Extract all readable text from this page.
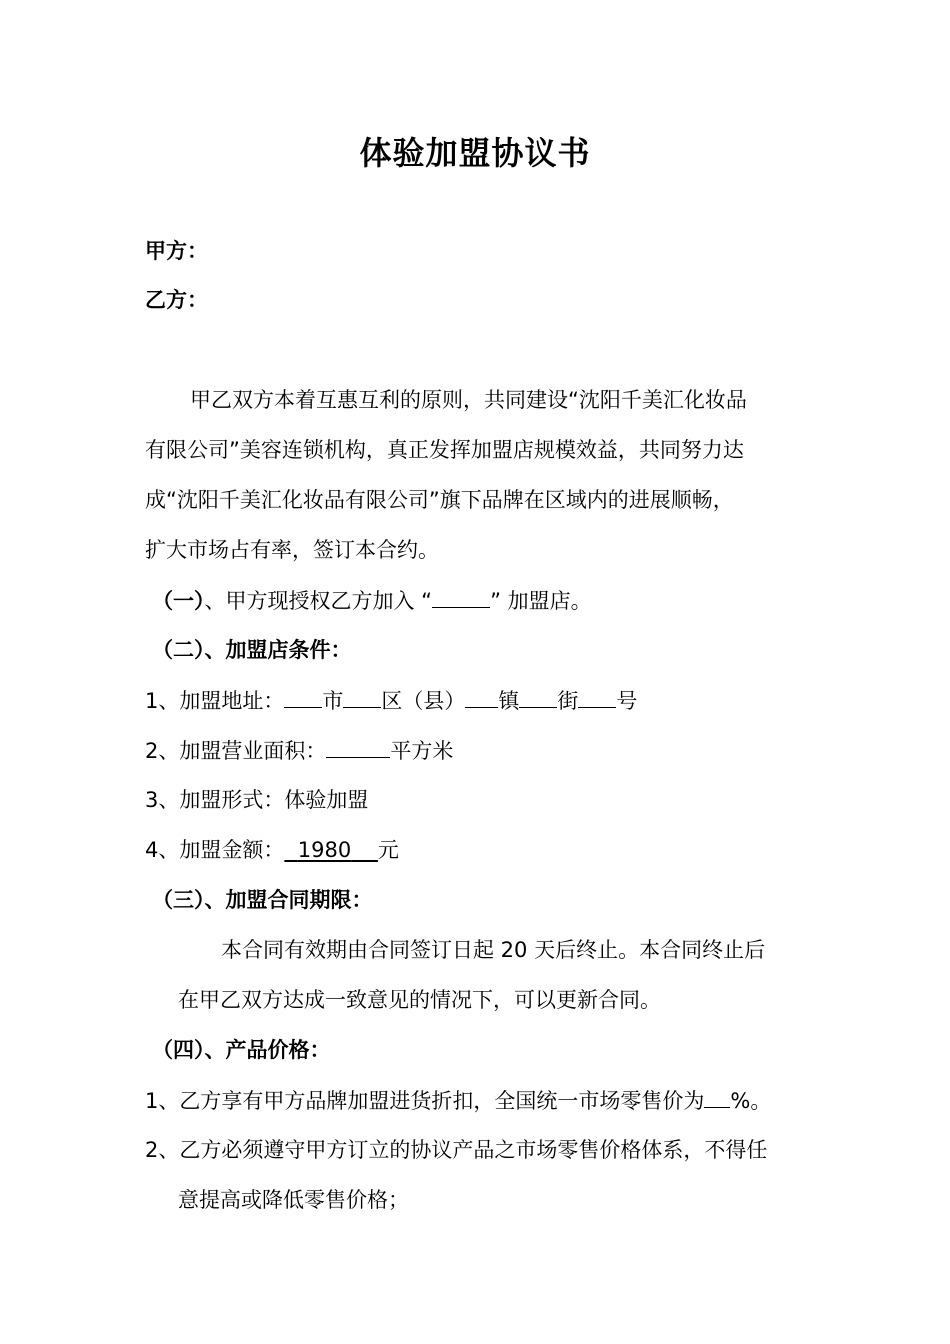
体验加盟协议书
甲方：
乙方：
甲乙双方本着互惠互利的原则，共同建设“沈阳千美汇化妆品
有限公司”美容连锁机构，真正发挥加盟店规模效益，共同努力达
成“沈阳千美汇化妆品有限公司”旗下品牌在区域内的进展顺畅，
扩大市场占有率，签订本合约。
（一）、甲方现授权乙方加入 “	” 加盟店。
（二）、加盟店条件：
1、加盟地址： 市 区（县） 镇 街 号
2、加盟营业面积：	平方米
3、加盟形式：体验加盟
4、加盟金额： 1980 元
（三）、加盟合同期限：
本合同有效期由合同签订日起 20 天后终止。本合同终止后
在甲乙双方达成一致意见的情况下，可以更新合同。
（四）、产品价格：
1、乙方享有甲方品牌加盟进货折扣，全国统一市场零售价为 %。
2、乙方必须遵守甲方订立的协议产品之市场零售价格体系，不得任
意提高或降低零售价格；
